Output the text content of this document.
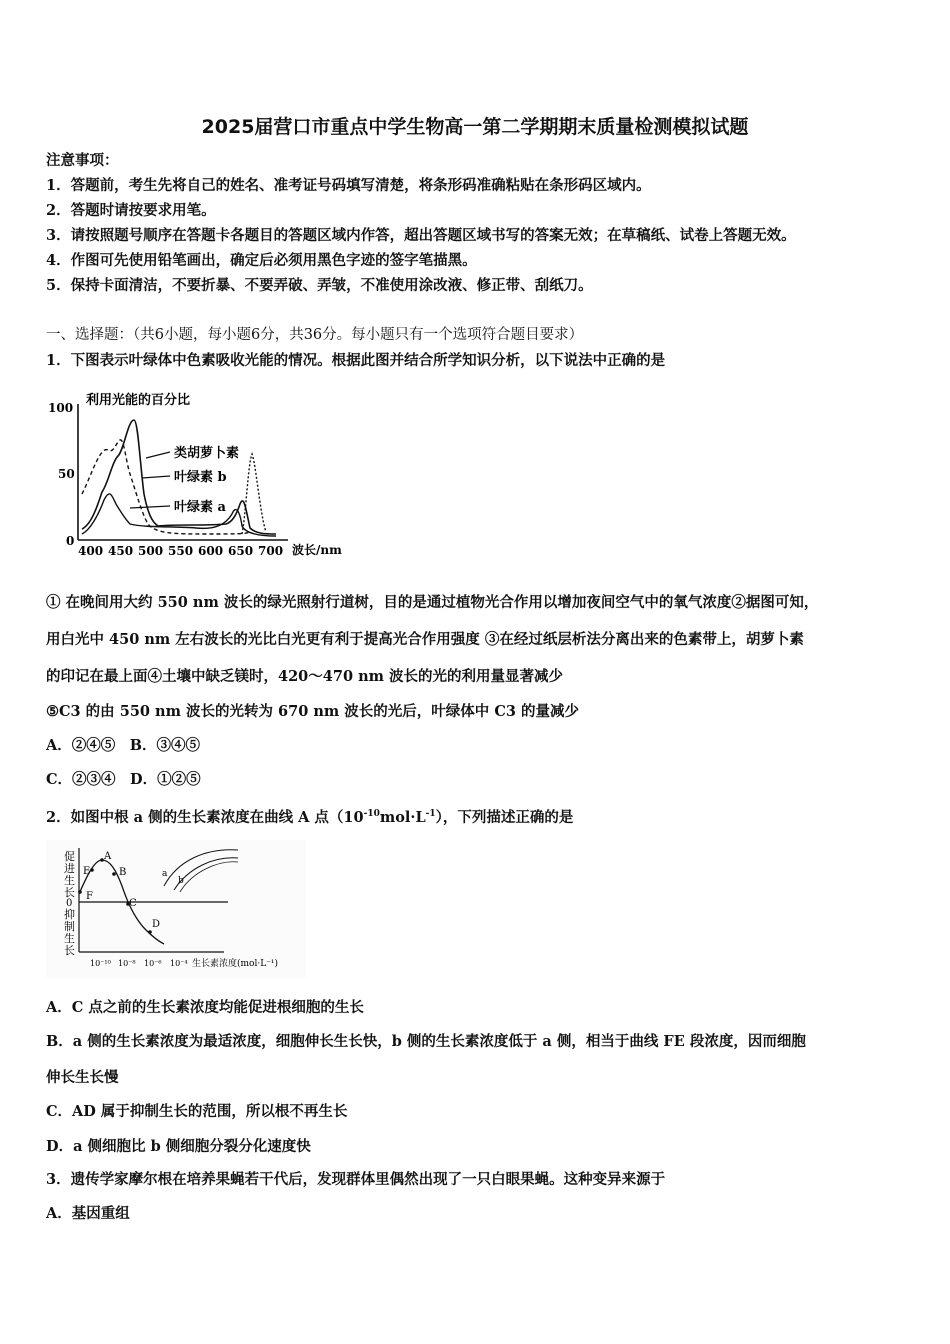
2025届营口市重点中学生物高一第二学期期末质量检测模拟试题
注意事项：
1．答题前，考生先将自己的姓名、准考证号码填写清楚，将条形码准确粘贴在条形码区域内。
2．答题时请按要求用笔。
3．请按照题号顺序在答题卡各题目的答题区域内作答，超出答题区域书写的答案无效；在草稿纸、试卷上答题无效。
4．作图可先使用铅笔画出，确定后必须用黑色字迹的签字笔描黑。
5．保持卡面清洁，不要折暴、不要弄破、弄皱，不准使用涂改液、修正带、刮纸刀。
一、选择题：（共6小题，每小题6分，共36分。每小题只有一个选项符合题目要求）
1．下图表示叶绿体中色素吸收光能的情况。根据此图并结合所学知识分析，以下说法中正确的是
利用光能的百分比
100
50
0
400 450 500 550 600 650 700 波长/nm
类胡萝卜素
叶绿素 b
叶绿素 a
① 在晚间用大约 550 nm 波长的绿光照射行道树，目的是通过植物光合作用以增加夜间空气中的氧气浓度②据图可知，
用白光中 450 nm 左右波长的光比白光更有利于提高光合作用强度 ③在经过纸层析法分离出来的色素带上，胡萝卜素
的印记在最上面④土壤中缺乏镁时，420～470 nm 波长的光的利用量显著减少
⑤C3 的由 550 nm 波长的光转为 670 nm 波长的光后，叶绿体中 C3 的量减少
A．②④⑤　B．③④⑤
C．②③④　D．①②⑤
2．如图中根 a 侧的生长素浓度在曲线 A 点$(10^{-10}mol\cdot L^{-1})$，下列描述正确的是
促
进
生
长
0
抑
制
生
长
E
A
B
F
C
D
10⁻¹⁰ 10⁻⁸ 10⁻⁶ 10⁻⁴ 生长素浓度(mol·L⁻¹)
a
b
A．C 点之前的生长素浓度均能促进根细胞的生长
B．a 侧的生长素浓度为最适浓度，细胞伸长生长快，b 侧的生长素浓度低于 a 侧，相当于曲线 FE 段浓度，因而细胞
伸长生长慢
C．AD 属于抑制生长的范围，所以根不再生长
D．a 侧细胞比 b 侧细胞分裂分化速度快
3．遗传学家摩尔根在培养果蝇若干代后，发现群体里偶然出现了一只白眼果蝇。这种变异来源于
A．基因重组
